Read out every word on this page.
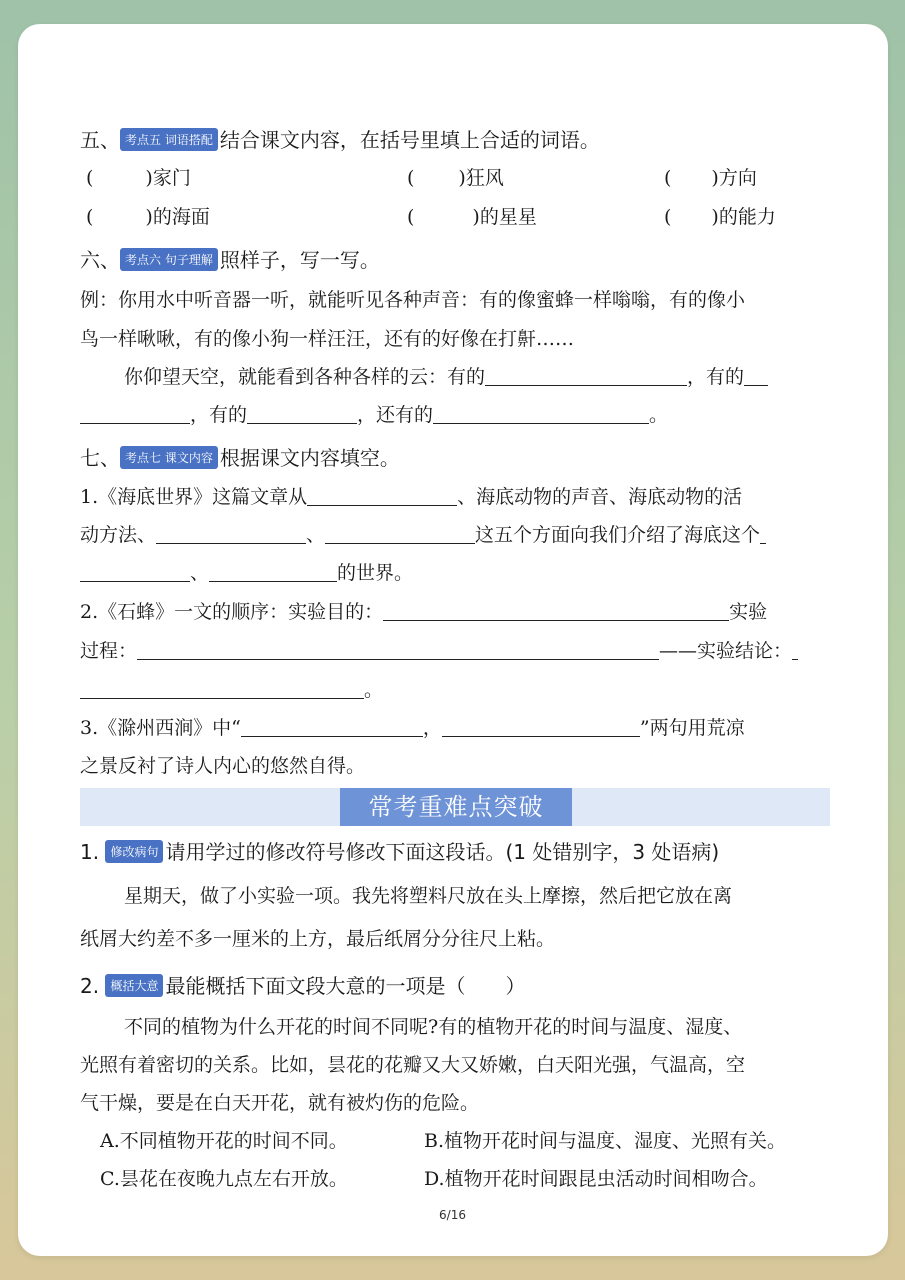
五、 考点五 词语搭配 结合课文内容，在括号里填上合适的词语。
(	)家门	( )狂风	( )方向
(	)的海面	(	)的星星	( )的能力
六、 考点六 句子理解 照样子，写一写。
例：你用水中听音器一听，就能听见各种声音：有的像蜜蜂一样嗡嗡，有的像小
鸟一样啾啾，有的像小狗一样汪汪，还有的好像在打鼾……
你仰望天空，就能看到各种各样的云：有的	，有的
，有的	，还有的	。
七、 考点七 课文内容 根据课文内容填空。
1.《海底世界》这篇文章从	、海底动物的声音、海底动物的活
动方法、	、	这五个方面向我们介绍了海底这个
、	的世界。
2.《石蜂》一文的顺序：实验目的：	实验
过程：	——实验结论：
。
3.《滁州西涧》中“	，	”两句用荒凉
之景反衬了诗人内心的悠然自得。
常考重难点突破
1. 修改病句 请用学过的修改符号修改下面这段话。(1 处错别字，3 处语病)
星期天，做了小实验一项。我先将塑料尺放在头上摩擦，然后把它放在离
纸屑大约差不多一厘米的上方，最后纸屑分分往尺上粘。
2. 概括大意 最能概括下面文段大意的一项是（　　）
不同的植物为什么开花的时间不同呢?有的植物开花的时间与温度、湿度、
光照有着密切的关系。比如，昙花的花瓣又大又娇嫩，白天阳光强，气温高，空
气干燥，要是在白天开花，就有被灼伤的危险。
A.不同植物开花的时间不同。	B.植物开花时间与温度、湿度、光照有关。
C.昙花在夜晚九点左右开放。	D.植物开花时间跟昆虫活动时间相吻合。
6/16
